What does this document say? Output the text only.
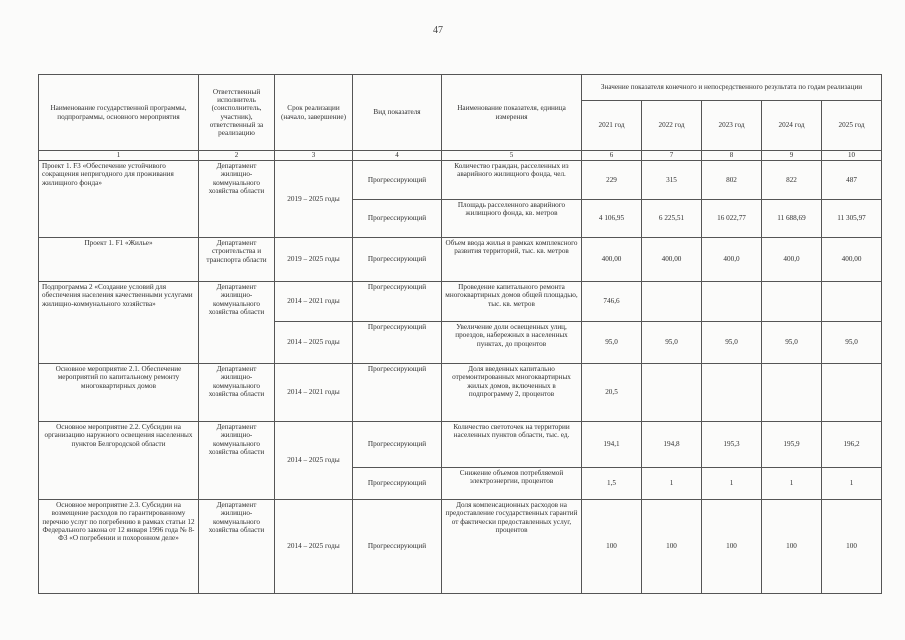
47
Наименование государственной программы, подпрограммы, основного мероприятия	Ответственный исполнитель (соисполнитель, участник), ответственный за реализацию	Срок реализации (начало, завершение)	Вид показателя	Наименование показателя, единица измерения	Значение показателя конечного и непосредственного результата по годам реализации				
					2021 год	2022 год	2023 год	2024 год	2025 год
1	2	3	4	5	6	7	8	9	10
Проект 1. F3 «Обеспечение устойчивого сокращения непригодного для проживания жилищного фонда»	Департамент жилищно-коммунального хозяйства области	2019 – 2025 годы	Прогрессирующий	Количество граждан, расселенных из аварийного жилищного фонда, чел.	229	315	802	822	487
			Прогрессирующий	Площадь расселенного аварийного жилищного фонда, кв. метров	4 106,95	6 225,51	16 022,77	11 688,69	11 305,97
Проект 1. F1 «Жилье»	Департамент строительства и транспорта области	2019 – 2025 годы	Прогрессирующий	Объем ввода жилья в рамках комплексного развития территорий, тыс. кв. метров	400,00	400,00	400,0	400,0	400,00
Подпрограмма 2 «Создание условий для обеспечения населения качественными услугами жилищно-коммунального хозяйства»	Департамент жилищно-коммунального хозяйства области	2014 – 2021 годы	Прогрессирующий	Проведение капитального ремонта многоквартирных домов общей площадью, тыс. кв. метров	746,6				
		2014 – 2025 годы	Прогрессирующий	Увеличение доли освещенных улиц, проездов, набережных в населенных пунктах, до процентов	95,0	95,0	95,0	95,0	95,0
Основное мероприятие 2.1. Обеспечение мероприятий по капитальному ремонту многоквартирных домов	Департамент жилищно-коммунального хозяйства области	2014 – 2021 годы	Прогрессирующий	Доля введенных капитально отремонтированных многоквартирных жилых домов, включенных в подпрограмму 2, процентов	20,5				
Основное мероприятие 2.2. Субсидии на организацию наружного освещения населенных пунктов Белгородской области	Департамент жилищно-коммунального хозяйства области	2014 – 2025 годы	Прогрессирующий	Количество светоточек на территории населенных пунктов области, тыс. ед.	194,1	194,8	195,3	195,9	196,2
			Прогрессирующий	Снижение объемов потребляемой электроэнергии, процентов	1,5	1	1	1	1
Основное мероприятие 2.3. Субсидии на возмещение расходов по гарантированному перечню услуг по погребению в рамках статьи 12 Федерального закона от 12 января 1996 года № 8-ФЗ «О погребении и похоронном деле»	Департамент жилищно-коммунального хозяйства области	2014 – 2025 годы	Прогрессирующий	Доля компенсационных расходов на предоставление государственных гарантий от фактически предоставленных услуг, процентов	100	100	100	100	100
